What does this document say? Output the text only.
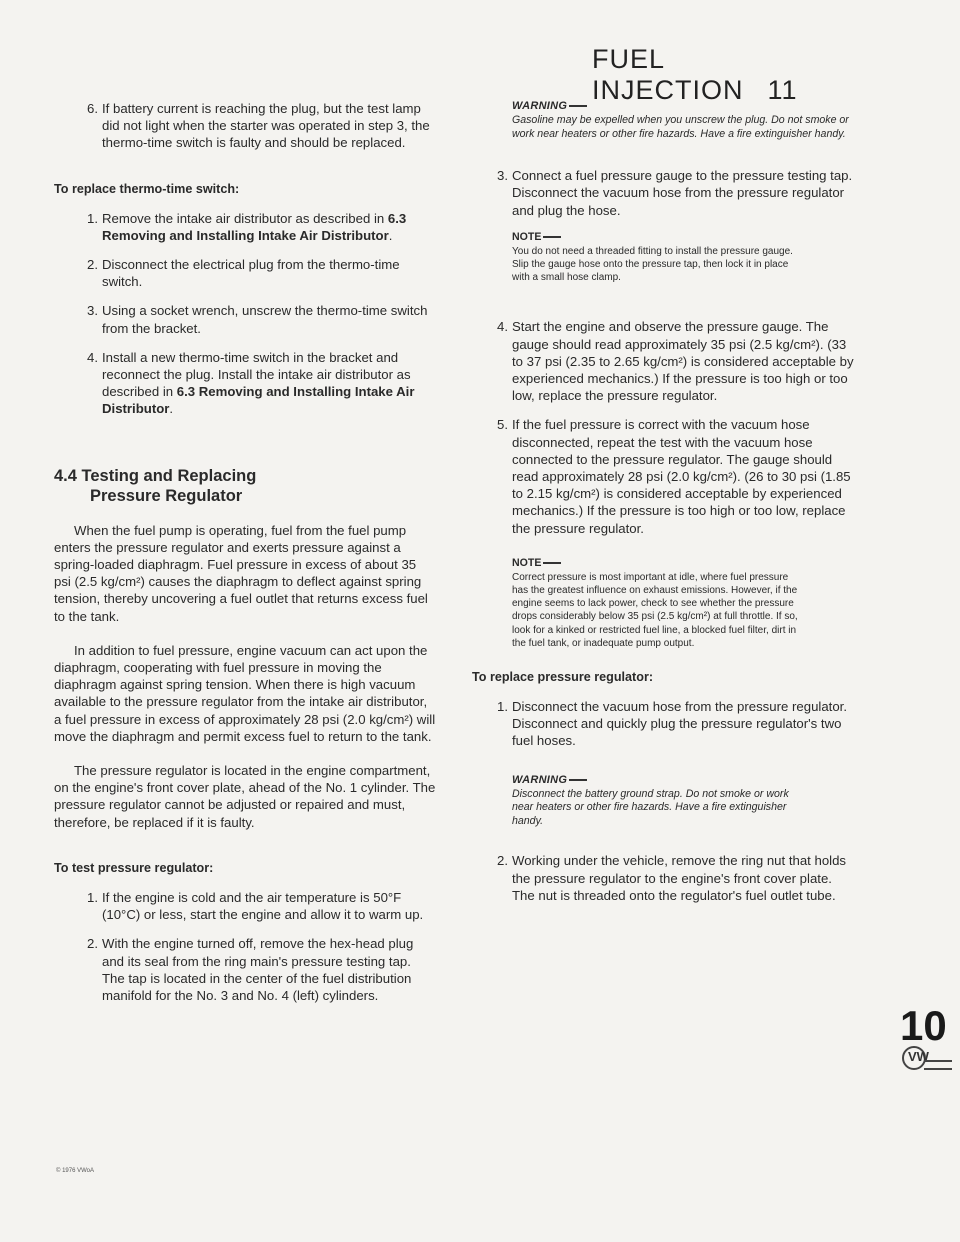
FUEL INJECTION 11
6. If battery current is reaching the plug, but the test lamp did not light when the starter was operated in step 3, the thermo-time switch is faulty and should be replaced.
To replace thermo-time switch:
1. Remove the intake air distributor as described in 6.3 Removing and Installing Intake Air Distributor.
2. Disconnect the electrical plug from the thermo-time switch.
3. Using a socket wrench, unscrew the thermo-time switch from the bracket.
4. Install a new thermo-time switch in the bracket and reconnect the plug. Install the intake air distributor as described in 6.3 Removing and Installing Intake Air Distributor.
4.4 Testing and Replacing
Pressure Regulator

When the fuel pump is operating, fuel from the fuel pump enters the pressure regulator and exerts pressure against a spring-loaded diaphragm. Fuel pressure in excess of about 35 psi (2.5 kg/cm²) causes the diaphragm to deflect against spring tension, thereby uncovering a fuel outlet that returns excess fuel to the tank.

In addition to fuel pressure, engine vacuum can act upon the diaphragm, cooperating with fuel pressure in moving the diaphragm against spring tension. When there is high vacuum available to the pressure regulator from the intake air distributor, a fuel pressure in excess of approximately 28 psi (2.0 kg/cm²) will move the diaphragm and permit excess fuel to return to the tank.

The pressure regulator is located in the engine compartment, on the engine's front cover plate, ahead of the No. 1 cylinder. The pressure regulator cannot be adjusted or repaired and must, therefore, be replaced if it is faulty.

To test pressure regulator:
1. If the engine is cold and the air temperature is 50°F (10°C) or less, start the engine and allow it to warm up.
2. With the engine turned off, remove the hex-head plug and its seal from the ring main's pressure testing tap. The tap is located in the center of the fuel distribution manifold for the No. 3 and No. 4 (left) cylinders.
WARNING
Gasoline may be expelled when you unscrew the plug. Do not smoke or work near heaters or other fire hazards. Have a fire extinguisher handy.
3. Connect a fuel pressure gauge to the pressure testing tap. Disconnect the vacuum hose from the pressure regulator and plug the hose.
NOTE
You do not need a threaded fitting to install the pressure gauge. Slip the gauge hose onto the pressure tap, then lock it in place with a small hose clamp.
4. Start the engine and observe the pressure gauge. The gauge should read approximately 35 psi (2.5 kg/cm²). (33 to 37 psi (2.35 to 2.65 kg/cm²) is considered acceptable by experienced mechanics.) If the pressure is too high or too low, replace the pressure regulator.
5. If the fuel pressure is correct with the vacuum hose disconnected, repeat the test with the vacuum hose connected to the pressure regulator. The gauge should read approximately 28 psi (2.0 kg/cm²). (26 to 30 psi (1.85 to 2.15 kg/cm²) is considered acceptable by experienced mechanics.) If the pressure is too high or too low, replace the pressure regulator.
NOTE
Correct pressure is most important at idle, where fuel pressure has the greatest influence on exhaust emissions. However, if the engine seems to lack power, check to see whether the pressure drops considerably below 35 psi (2.5 kg/cm²) at full throttle. If so, look for a kinked or restricted fuel line, a blocked fuel filter, dirt in the fuel tank, or inadequate pump output.
To replace pressure regulator:
1. Disconnect the vacuum hose from the pressure regulator. Disconnect and quickly plug the pressure regulator's two fuel hoses.
WARNING
Disconnect the battery ground strap. Do not smoke or work near heaters or other fire hazards. Have a fire extinguisher handy.
2. Working under the vehicle, remove the ring nut that holds the pressure regulator to the engine's front cover plate. The nut is threaded onto the regulator's fuel outlet tube.
© 1976 VWoA
10
VW
